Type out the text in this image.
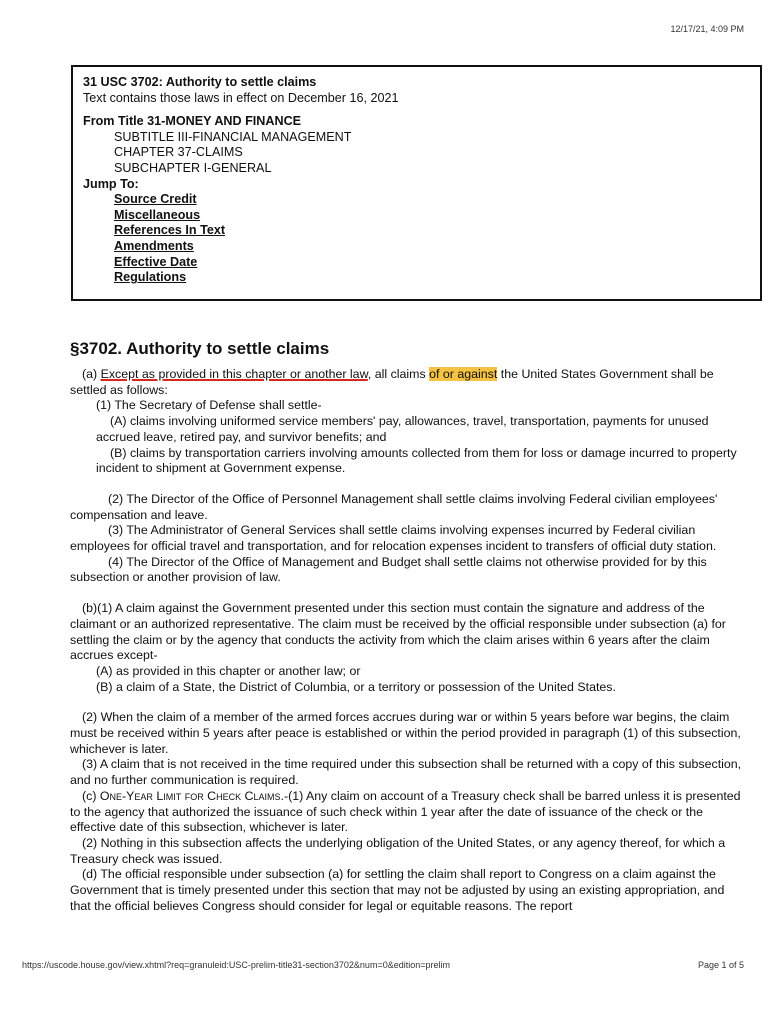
12/17/21, 4:09 PM
31 USC 3702: Authority to settle claims
Text contains those laws in effect on December 16, 2021
From Title 31-MONEY AND FINANCE
SUBTITLE III-FINANCIAL MANAGEMENT
CHAPTER 37-CLAIMS
SUBCHAPTER I-GENERAL
Jump To:
Source Credit
Miscellaneous
References In Text
Amendments
Effective Date
Regulations
§3702. Authority to settle claims

(a) Except as provided in this chapter or another law, all claims of or against the United States Government shall be settled as follows:

(1) The Secretary of Defense shall settle-

(A) claims involving uniformed service members' pay, allowances, travel, transportation, payments for unused accrued leave, retired pay, and survivor benefits; and

(B) claims by transportation carriers involving amounts collected from them for loss or damage incurred to property incident to shipment at Government expense.

(2) The Director of the Office of Personnel Management shall settle claims involving Federal civilian employees' compensation and leave.

(3) The Administrator of General Services shall settle claims involving expenses incurred by Federal civilian employees for official travel and transportation, and for relocation expenses incident to transfers of official duty station.

(4) The Director of the Office of Management and Budget shall settle claims not otherwise provided for by this subsection or another provision of law.

(b)(1) A claim against the Government presented under this section must contain the signature and address of the claimant or an authorized representative. The claim must be received by the official responsible under subsection (a) for settling the claim or by the agency that conducts the activity from which the claim arises within 6 years after the claim accrues except-

(A) as provided in this chapter or another law; or

(B) a claim of a State, the District of Columbia, or a territory or possession of the United States.

(2) When the claim of a member of the armed forces accrues during war or within 5 years before war begins, the claim must be received within 5 years after peace is established or within the period provided in paragraph (1) of this subsection, whichever is later.

(3) A claim that is not received in the time required under this subsection shall be returned with a copy of this subsection, and no further communication is required.

(c) One-Year Limit for Check Claims.-(1) Any claim on account of a Treasury check shall be barred unless it is presented to the agency that authorized the issuance of such check within 1 year after the date of issuance of the check or the effective date of this subsection, whichever is later.

(2) Nothing in this subsection affects the underlying obligation of the United States, or any agency thereof, for which a Treasury check was issued.

(d) The official responsible under subsection (a) for settling the claim shall report to Congress on a claim against the Government that is timely presented under this section that may not be adjusted by using an existing appropriation, and that the official believes Congress should consider for legal or equitable reasons. The report

https://uscode.house.gov/view.xhtml?req=granuleid:USC-prelim-title31-section3702&num=0&edition=prelim	Page 1 of 5
